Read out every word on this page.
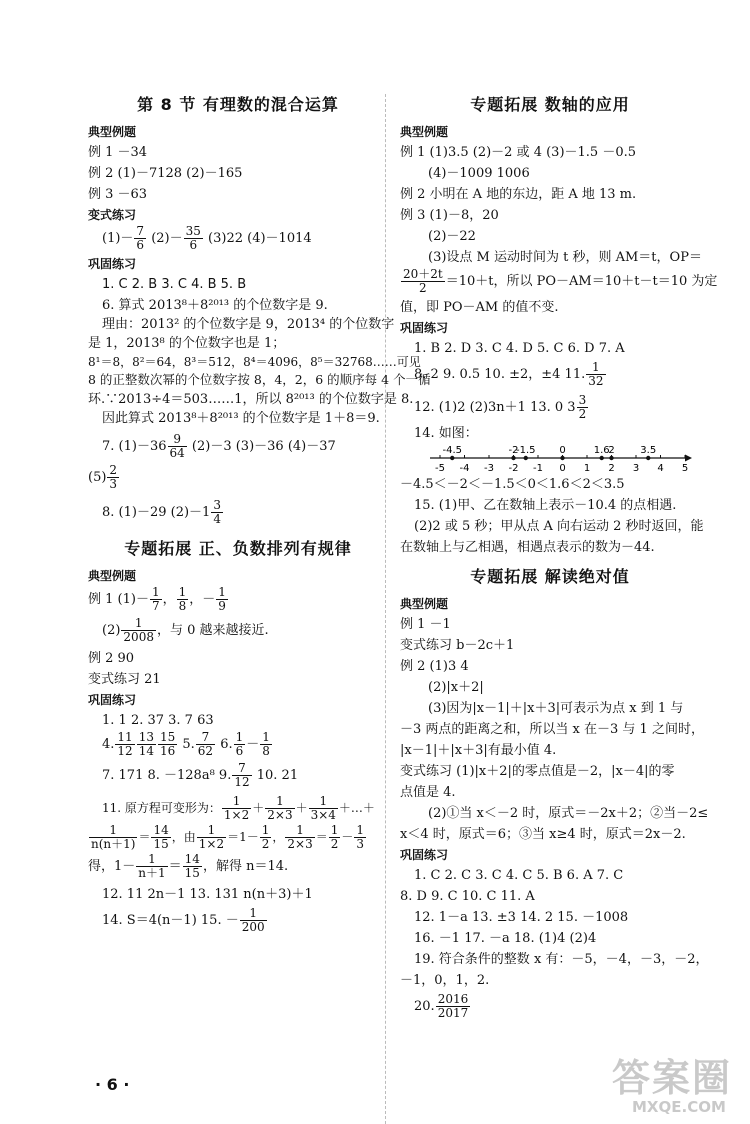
第 8 节 有理数的混合运算

典型例题

例 1 －34

例 2 (1)－7128 (2)－165

例 3 －63

变式练习

$(1)- \frac{7}{6} (2)- \frac{35}{6} (3)22$ (4)－1014

巩固练习

1. C 2. B 3. C 4. B 5. B

6. 算式 2013⁸＋8²⁰¹³ 的个位数字是 9.

理由：2013² 的个位数字是 9，2013⁴ 的个位数字

是 1，2013⁸ 的个位数字也是 1；

8¹＝8，8²＝64，8³＝512，8⁴＝4096，8⁵＝32768……可见

8 的正整数次幂的个位数字按 8，4，2，6 的顺序每 4 个一循

环.∵2013÷4＝503……1，所以 8²⁰¹³ 的个位数字是 8.

因此算式 2013⁸＋8²⁰¹³ 的个位数字是 1＋8＝9.

7. $(1)-36 \frac{9}{64} (2)-3$ (3)－36 (4)－37

$(5) \frac{2}{3}$

8. (1)－29 $(2)-1 \frac{3}{4}$

专题拓展 正、负数排列有规律

典型例题

例 1 $(1)- \frac{1}{7}$ ， $\frac{1}{8}$ ，－ $\frac{1}{9}$

$(2) \frac{1}{2008}$ ，与 0 越来越接近.

例 2 90

变式练习 21

巩固练习

1. 1 2. 37 3. 7 63

4. $\frac{11}{12} \frac{13}{14} \frac{15}{16} 5$. $\frac{7}{62} 6$. $\frac{1}{6} - \frac{1}{8}$

7. 171 8. －128a⁸ 9. $\frac{7}{12} 10$. 21

11. 原方程可变形为： $\frac{1}{1\times 2} + \frac{1}{2\times 3} + \frac{1}{3\times 4}$ ＋…＋

$\frac{1}{n(n+1)} = \frac{14}{15}$ ，由 $\frac{1}{1\times 2} =1- \frac{1}{2}$ ， $\frac{1}{2\times 3} = \frac{1}{2} - \frac{1}{3}$

得，$1- \frac{1}{n+1} = \frac{14}{15}$ ，解得 n＝14.

12. 11 2n－1 13. 131 n(n＋3)＋1

14. S＝4(n－1) 15. － $\frac{1}{200}$

专题拓展 数轴的应用

典型例题

例 1 (1)3.5 (2)－2 或 4 (3)－1.5 －0.5

(4)－1009 1006

例 2 小明在 A 地的东边，距 A 地 13 m.

例 3 (1)－8，20

(2)－22

(3)设点 M 运动时间为 t 秒，则 AM＝t，OP＝

$\frac{20+2t}{2} =10+t$，所以 PO－AM＝10＋t－t＝10 为定

值，即 PO－AM 的值不变.

巩固练习

1. B 2. D 3. C 4. D 5. C 6. D 7. A

8. 2 9. 0.5 10. ±2，±4 11. $\frac{1}{32}$

12. (1)2 (2)3n＋1 13. 0 $3 \frac{3}{2}$

14. 如图：

-4.5	-2
-1.5 0	1.6
2	3.5
-5 -4 -3 -2 -1 0 1 2 3 4 5

－4.5＜－2＜－1.5＜0＜1.6＜2＜3.5

15. (1)甲、乙在数轴上表示－10.4 的点相遇.

(2)2 或 5 秒；甲从点 A 向右运动 2 秒时返回，能

在数轴上与乙相遇，相遇点表示的数为－44.

专题拓展 解读绝对值

典型例题

例 1 －1

变式练习 b－2c＋1

例 2 (1)3 4

(2)|x＋2|

(3)因为|x－1|＋|x＋3|可表示为点 x 到 1 与

－3 两点的距离之和，所以当 x 在－3 与 1 之间时，

|x－1|＋|x＋3|有最小值 4.

变式练习 (1)|x＋2|的零点值是－2，|x－4|的零

点值是 4.

(2)①当 x＜－2 时，原式＝－2x＋2；②当－2≤

x＜4 时，原式＝6；③当 x≥4 时，原式＝2x－2.

巩固练习

1. C 2. C 3. C 4. C 5. B 6. A 7. C

8. D 9. C 10. C 11. A

12. 1－a 13. ±3 14. 2 15. －1008

16. －1 17. －a 18. (1)4 (2)4

19. 符合条件的整数 x 有：－5，－4，－3，－2，

－1，0，1，2.

20. $\frac{2016}{2017}$

· 6 ·	答案圈
MXQE.COM
